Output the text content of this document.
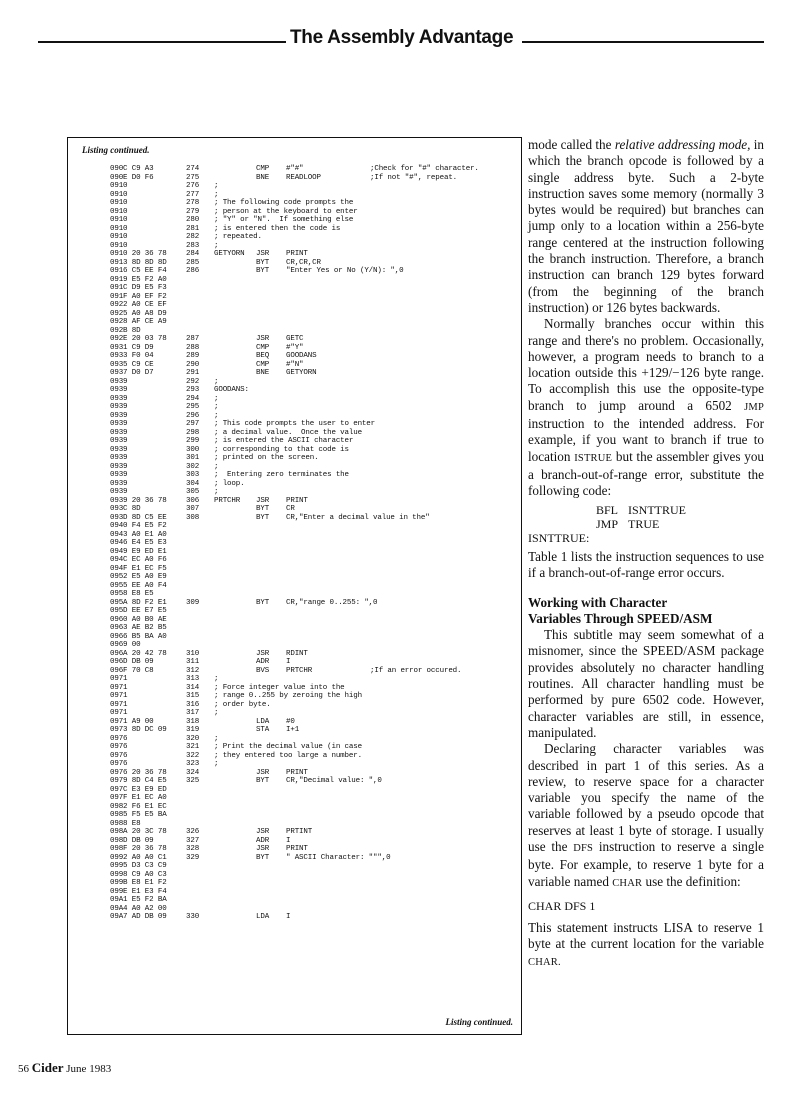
The Assembly Advantage
Listing continued.
090C C9 A3	274	CMP #"#"	;Check for "#" character.
090E D0 F6	275	BNE READLOOP	;If not "#", repeat.
0910	276 ;
0910	277 ;
0910	278 ; The following code prompts the
0910	279 ; person at the keyboard to enter
0910	280 ; "Y" or "N".  If something else
0910	281 ; is entered then the code is
0910	282 ; repeated.
0910	283 ;
0910 20 36 78	284 GETYORN JSR PRINT
0913 8D 8D 8D	285	BYT CR,CR,CR
0916 C5 EE F4	286	BYT "Enter Yes or No (Y/N): ",0
0919 E5 F2 A0
091C D9 E5 F3
091F A0 EF F2
0922 A0 CE EF
0925 A0 A8 D9
0928 AF CE A9
092B 8D
092E 20 03 78	287	JSR GETC
0931 C9 D9	288	CMP #"Y"
0933 F0 04	289	BEQ GOODANS
0935 C9 CE	290	CMP #"N"
0937 D0 D7	291	BNE GETYORN
0939	292 ;
0939	293 GOODANS:
0939	294 ;
0939	295 ;
0939	296 ;
0939	297 ; This code prompts the user to enter
0939	298 ; a decimal value.  Once the value
0939	299 ; is entered the ASCII character
0939	300 ; corresponding to that code is
0939	301 ; printed on the screen.
0939	302 ;
0939	303 ;  Entering zero terminates the
0939	304 ; loop.
0939	305 ;
0939 20 36 78	306 PRTCHR JSR PRINT
093C 8D	307	BYT CR
093D 8D C5 EE	308	BYT CR,"Enter a decimal value in the"
0940 F4 E5 F2
0943 A0 E1 A0
0946 E4 E5 E3
0949 E9 ED E1
094C EC A0 F6
094F E1 EC F5
0952 E5 A0 E9
0955 EE A0 F4
0958 E8 E5
095A 8D F2 E1	309	BYT CR,"range 0..255: ",0
095D EE E7 E5
0960 A0 B0 AE
0963 AE B2 B5
0966 B5 BA A0
0969 00
096A 20 42 78	310	JSR RDINT
096D DB 09	311	ADR I
096F 70 C8	312	BVS PRTCHR	;If an error occured.
0971	313 ;
0971	314 ; Force integer value into the
0971	315 ; range 0..255 by zeroing the high
0971	316 ; order byte.
0971	317 ;
0971 A9 00	318	LDA #0
0973 8D DC 09	319	STA I+1
0976	320 ;
0976	321 ; Print the decimal value (in case
0976	322 ; they entered too large a number.
0976	323 ;
0976 20 36 78	324	JSR PRINT
0979 8D C4 E5	325	BYT CR,"Decimal value: ",0
097C E3 E9 ED
097F E1 EC A0
0982 F6 E1 EC
0985 F5 E5 BA
0988 E8
098A 20 3C 78	326	JSR PRTINT
098D DB 09	327	ADR I
098F 20 36 78	328	JSR PRINT
0992 A0 A0 C1	329	BYT " ASCII Character: """,0
0995 D3 C3 C9
0998 C9 A0 C3
099B E8 E1 F2
099E E1 E3 F4
09A1 E5 F2 BA
09A4 A0 A2 00
09A7 AD DB 09	330	LDA I
Listing continued.

mode called the relative addressing mode, in which the branch opcode is followed by a single address byte. Such a 2-byte instruction saves some memory (normally 3 bytes would be required) but branches can jump only to a location within a 256-byte range centered at the instruction following the branch instruction. Therefore, a branch instruction can branch 129 bytes forward (from the beginning of the branch instruction) or 126 bytes backwards.

Normally branches occur within this range and there's no problem. Occasionally, however, a program needs to branch to a location outside this +129/−126 byte range. To accomplish this use the opposite-type branch to jump around a 6502 JMP instruction to the intended address. For example, if you want to branch if true to location ISTRUE but the assembler gives you a branch-out-of-range error, substitute the following code:

BFL ISNTTRUE
JMP TRUE
ISNTTRUE:

Table 1 lists the instruction sequences to use if a branch-out-of-range error occurs.

Working with Character
Variables Through SPEED/ASM

This subtitle may seem somewhat of a misnomer, since the SPEED/ASM package provides absolutely no character handling routines. All character handling must be performed by pure 6502 code. However, character variables are still, in essence, manipulated.

Declaring character variables was described in part 1 of this series. As a review, to reserve space for a character variable you specify the name of the variable followed by a pseudo opcode that reserves at least 1 byte of storage. I usually use the DFS instruction to reserve a single byte. For example, to reserve 1 byte for a variable named CHAR use the definition:

CHAR DFS 1

This statement instructs LISA to reserve 1 byte at the current location for the variable CHAR.

56 Cider June 1983
